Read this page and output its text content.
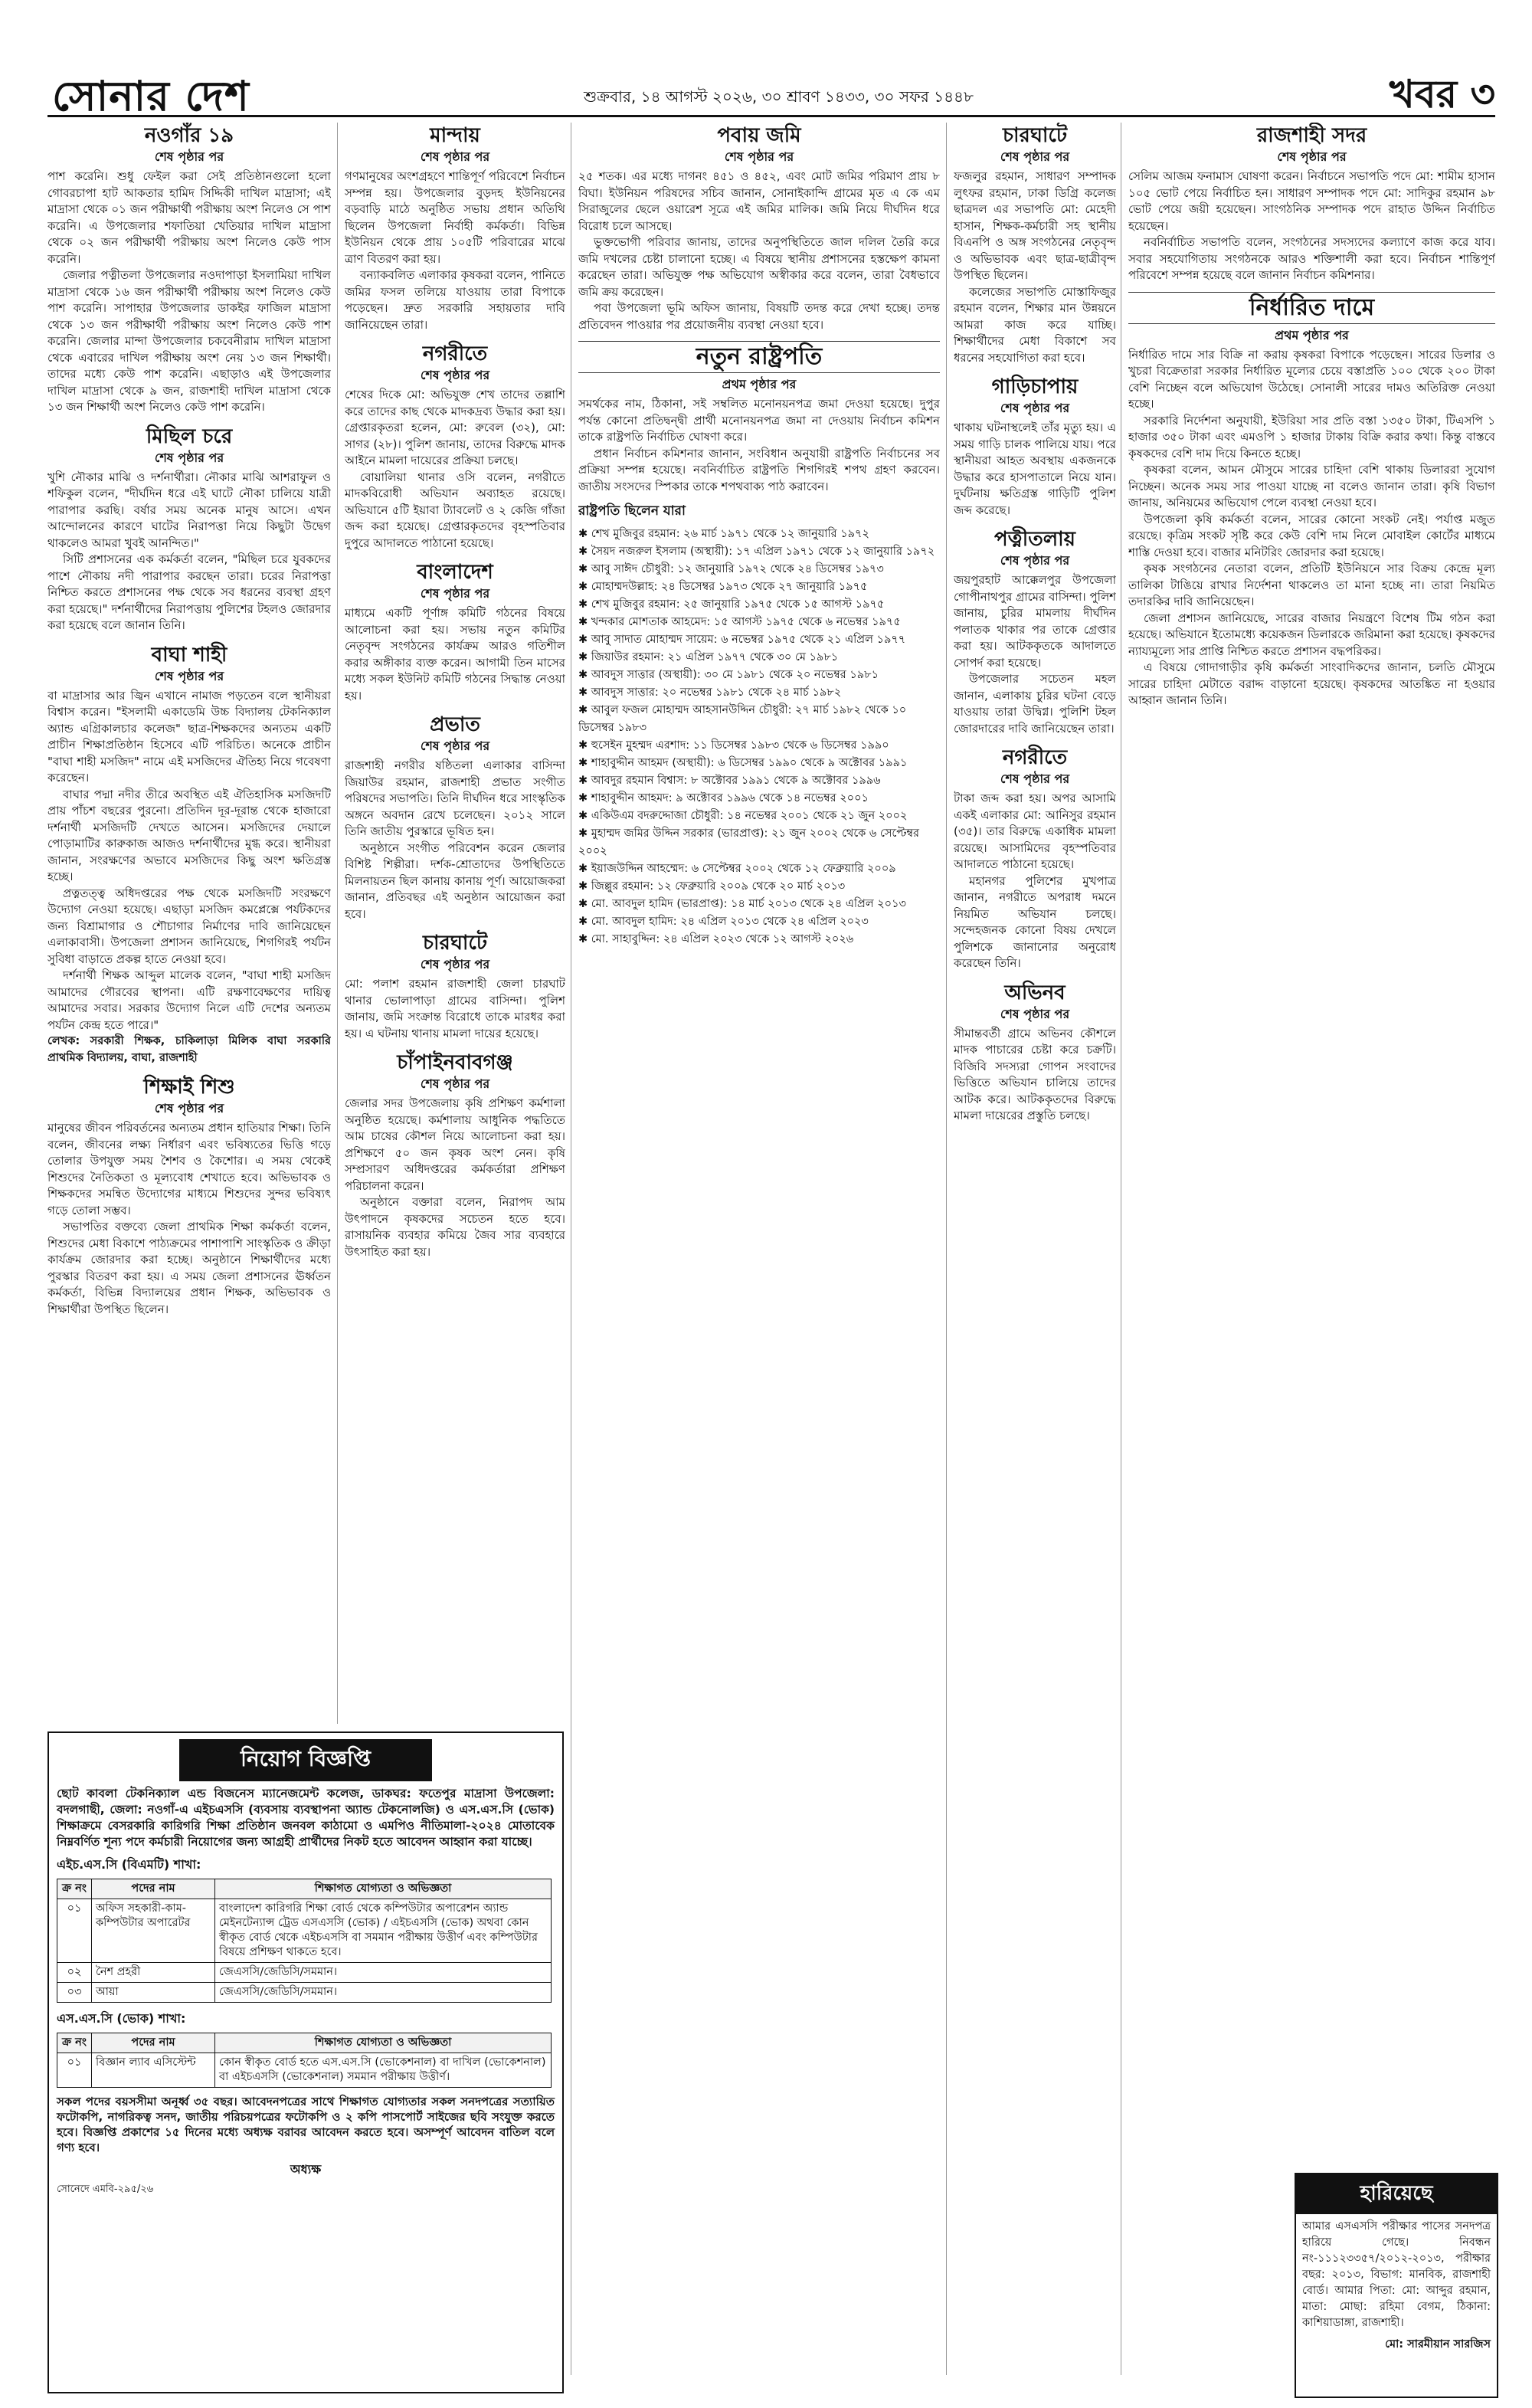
সোনার দেশ	শুক্রবার, ১৪ আগস্ট ২০২৬, ৩০ শ্রাবণ ১৪৩৩, ৩০ সফর ১৪৪৮	খবর ৩
নওগাঁর ১৯
শেষ পৃষ্ঠার পর

পাশ করেনি। শুধু ফেইল করা সেই প্রতিষ্ঠানগুলো হলো গোবরচাপা হাট আকতার হামিদ সিদ্দিকী দাখিল মাদ্রাসা; এই মাদ্রাসা থেকে ০১ জন পরীক্ষার্থী পরীক্ষায় অংশ নিলেও সে পাশ করেনি। এ উপজেলার শফাতিয়া খেতিয়ার দাখিল মাদ্রাসা থেকে ০২ জন পরীক্ষার্থী পরীক্ষায় অংশ নিলেও কেউ পাস করেনি।

জেলার পত্নীতলা উপজেলার নওদাপাড়া ইসলামিয়া দাখিল মাদ্রাসা থেকে ১৬ জন পরীক্ষার্থী পরীক্ষায় অংশ নিলেও কেউ পাশ করেনি। সাপাহার উপজেলার ডাকইর ফাজিল মাদ্রাসা থেকে ১৩ জন পরীক্ষার্থী পরীক্ষায় অংশ নিলেও কেউ পাশ করেনি। জেলার মান্দা উপজেলার চকবেনীরাম দাখিল মাদ্রাসা থেকে এবারের দাখিল পরীক্ষায় অংশ নেয় ১৩ জন শিক্ষার্থী। তাদের মধ্যে কেউ পাশ করেনি। এছাড়াও এই উপজেলার দাখিল মাদ্রাসা থেকে ৯ জন, রাজশাহী দাখিল মাদ্রাসা থেকে ১৩ জন শিক্ষার্থী অংশ নিলেও কেউ পাশ করেনি।

মিছিল চরে
শেষ পৃষ্ঠার পর

খুশি নৌকার মাঝি ও দর্শনার্থীরা। নৌকার মাঝি আশরাফুল ও শফিকুল বলেন, "দীর্ঘদিন ধরে এই ঘাটে নৌকা চালিয়ে যাত্রী পারাপার করছি। বর্ষার সময় অনেক মানুষ আসে। এখন আন্দোলনের কারণে ঘাটের নিরাপত্তা নিয়ে কিছুটা উদ্বেগ থাকলেও আমরা খুবই আনন্দিত।"

সিটি প্রশাসনের এক কর্মকর্তা বলেন, "মিছিল চরে যুবকদের পাশে নৌকায় নদী পারাপার করছেন তারা। চরের নিরাপত্তা নিশ্চিত করতে প্রশাসনের পক্ষ থেকে সব ধরনের ব্যবস্থা গ্রহণ করা হয়েছে।" দর্শনার্থীদের নিরাপত্তায় পুলিশের টহলও জোরদার করা হয়েছে বলে জানান তিনি।

বাঘা শাহী
শেষ পৃষ্ঠার পর

বা মাদ্রাসার আর জ্বিন এখানে নামাজ পড়তেন বলে স্থানীয়রা বিশ্বাস করেন। "ইসলামী একাডেমি উচ্চ বিদ্যালয় টেকনিক্যাল অ্যান্ড এগ্রিকালচার কলেজ" ছাত্র-শিক্ষকদের অন্যতম একটি প্রাচীন শিক্ষাপ্রতিষ্ঠান হিসেবে এটি পরিচিত। অনেকে প্রাচীন "বাঘা শাহী মসজিদ" নামে এই মসজিদের ঐতিহ্য নিয়ে গবেষণা করেছেন।

বাঘার পদ্মা নদীর তীরে অবস্থিত এই ঐতিহাসিক মসজিদটি প্রায় পাঁচশ বছরের পুরনো। প্রতিদিন দূর-দূরান্ত থেকে হাজারো দর্শনার্থী মসজিদটি দেখতে আসেন। মসজিদের দেয়ালে পোড়ামাটির কারুকাজ আজও দর্শনার্থীদের মুগ্ধ করে। স্থানীয়রা জানান, সংরক্ষণের অভাবে মসজিদের কিছু অংশ ক্ষতিগ্রস্ত হচ্ছে।

প্রত্নতত্ত্ব অধিদপ্তরের পক্ষ থেকে মসজিদটি সংরক্ষণে উদ্যোগ নেওয়া হয়েছে। এছাড়া মসজিদ কমপ্লেক্সে পর্যটকদের জন্য বিশ্রামাগার ও শৌচাগার নির্মাণের দাবি জানিয়েছেন এলাকাবাসী। উপজেলা প্রশাসন জানিয়েছে, শিগগিরই পর্যটন সুবিধা বাড়াতে প্রকল্প হাতে নেওয়া হবে।

দর্শনার্থী শিক্ষক আব্দুল মালেক বলেন, "বাঘা শাহী মসজিদ আমাদের গৌরবের স্থাপনা। এটি রক্ষণাবেক্ষণের দায়িত্ব আমাদের সবার। সরকার উদ্যোগ নিলে এটি দেশের অন্যতম পর্যটন কেন্দ্র হতে পারে।"

লেখক: সরকারী শিক্ষক, চাকিলাড়া মিলিক বাঘা সরকারি প্রাথমিক বিদ্যালয়, বাঘা, রাজশাহী

শিক্ষাই শিশু
শেষ পৃষ্ঠার পর

মানুষের জীবন পরিবর্তনের অন্যতম প্রধান হাতিয়ার শিক্ষা। তিনি বলেন, জীবনের লক্ষ্য নির্ধারণ এবং ভবিষ্যতের ভিত্তি গড়ে তোলার উপযুক্ত সময় শৈশব ও কৈশোর। এ সময় থেকেই শিশুদের নৈতিকতা ও মূল্যবোধ শেখাতে হবে। অভিভাবক ও শিক্ষকদের সমন্বিত উদ্যোগের মাধ্যমে শিশুদের সুন্দর ভবিষ্যৎ গড়ে তোলা সম্ভব।

সভাপতির বক্তব্যে জেলা প্রাথমিক শিক্ষা কর্মকর্তা বলেন, শিশুদের মেধা বিকাশে পাঠ্যক্রমের পাশাপাশি সাংস্কৃতিক ও ক্রীড়া কার্যক্রম জোরদার করা হচ্ছে। অনুষ্ঠানে শিক্ষার্থীদের মধ্যে পুরস্কার বিতরণ করা হয়। এ সময় জেলা প্রশাসনের ঊর্ধ্বতন কর্মকর্তা, বিভিন্ন বিদ্যালয়ের প্রধান শিক্ষক, অভিভাবক ও শিক্ষার্থীরা উপস্থিত ছিলেন।

মান্দায়
শেষ পৃষ্ঠার পর

গণমানুষের অংশগ্রহণে শান্তিপূর্ণ পরিবেশে নির্বাচন সম্পন্ন হয়। উপজেলার বুড়দহ ইউনিয়নের বড়বাড়ি মাঠে অনুষ্ঠিত সভায় প্রধান অতিথি ছিলেন উপজেলা নির্বাহী কর্মকর্তা। বিভিন্ন ইউনিয়ন থেকে প্রায় ১০৫টি পরিবারের মাঝে ত্রাণ বিতরণ করা হয়।

বন্যাকবলিত এলাকার কৃষকরা বলেন, পানিতে জমির ফসল তলিয়ে যাওয়ায় তারা বিপাকে পড়েছেন। দ্রুত সরকারি সহায়তার দাবি জানিয়েছেন তারা।

নগরীতে
শেষ পৃষ্ঠার পর

শেষের দিকে মো: অভিযুক্ত শেখ তাদের তল্লাশি করে তাদের কাছ থেকে মাদকদ্রব্য উদ্ধার করা হয়। গ্রেপ্তারকৃতরা হলেন, মো: রুবেল (৩২), মো: সাগর (২৮)। পুলিশ জানায়, তাদের বিরুদ্ধে মাদক আইনে মামলা দায়েরের প্রক্রিয়া চলছে।

বোয়ালিয়া থানার ওসি বলেন, নগরীতে মাদকবিরোধী অভিযান অব্যাহত রয়েছে। অভিযানে ৫টি ইয়াবা ট্যাবলেট ও ২ কেজি গাঁজা জব্দ করা হয়েছে। গ্রেপ্তারকৃতদের বৃহস্পতিবার দুপুরে আদালতে পাঠানো হয়েছে।

বাংলাদেশ
শেষ পৃষ্ঠার পর

মাধ্যমে একটি পূর্ণাঙ্গ কমিটি গঠনের বিষয়ে আলোচনা করা হয়। সভায় নতুন কমিটির নেতৃবৃন্দ সংগঠনের কার্যক্রম আরও গতিশীল করার অঙ্গীকার ব্যক্ত করেন। আগামী তিন মাসের মধ্যে সকল ইউনিট কমিটি গঠনের সিদ্ধান্ত নেওয়া হয়।

প্রভাত
শেষ পৃষ্ঠার পর

রাজশাহী নগরীর ষষ্ঠিতলা এলাকার বাসিন্দা জিয়াউর রহমান, রাজশাহী প্রভাত সংগীত পরিষদের সভাপতি। তিনি দীর্ঘদিন ধরে সাংস্কৃতিক অঙ্গনে অবদান রেখে চলেছেন। ২০১২ সালে তিনি জাতীয় পুরস্কারে ভূষিত হন।

অনুষ্ঠানে সংগীত পরিবেশন করেন জেলার বিশিষ্ট শিল্পীরা। দর্শক-শ্রোতাদের উপস্থিতিতে মিলনায়তন ছিল কানায় কানায় পূর্ণ। আয়োজকরা জানান, প্রতিবছর এই অনুষ্ঠান আয়োজন করা হবে।

চারঘাটে
শেষ পৃষ্ঠার পর

মো: পলাশ রহমান রাজশাহী জেলা চারঘাট থানার ভোলাপাড়া গ্রামের বাসিন্দা। পুলিশ জানায়, জমি সংক্রান্ত বিরোধে তাকে মারধর করা হয়। এ ঘটনায় থানায় মামলা দায়ের হয়েছে।

চাঁপাইনবাবগঞ্জ
শেষ পৃষ্ঠার পর

জেলার সদর উপজেলায় কৃষি প্রশিক্ষণ কর্মশালা অনুষ্ঠিত হয়েছে। কর্মশালায় আধুনিক পদ্ধতিতে আম চাষের কৌশল নিয়ে আলোচনা করা হয়। প্রশিক্ষণে ৫০ জন কৃষক অংশ নেন। কৃষি সম্প্রসারণ অধিদপ্তরের কর্মকর্তারা প্রশিক্ষণ পরিচালনা করেন।

অনুষ্ঠানে বক্তারা বলেন, নিরাপদ আম উৎপাদনে কৃষকদের সচেতন হতে হবে। রাসায়নিক ব্যবহার কমিয়ে জৈব সার ব্যবহারে উৎসাহিত করা হয়।

পবায় জমি
শেষ পৃষ্ঠার পর

২৫ শতক। এর মধ্যে দাগনং ৪৫১ ও ৪৫২, এবং মোট জমির পরিমাণ প্রায় ৮ বিঘা। ইউনিয়ন পরিষদের সচিব জানান, সোনাইকান্দি গ্রামের মৃত এ কে এম সিরাজুলের ছেলে ওয়ারেশ সূত্রে এই জমির মালিক। জমি নিয়ে দীর্ঘদিন ধরে বিরোধ চলে আসছে।

ভুক্তভোগী পরিবার জানায়, তাদের অনুপস্থিতিতে জাল দলিল তৈরি করে জমি দখলের চেষ্টা চালানো হচ্ছে। এ বিষয়ে স্থানীয় প্রশাসনের হস্তক্ষেপ কামনা করেছেন তারা। অভিযুক্ত পক্ষ অভিযোগ অস্বীকার করে বলেন, তারা বৈধভাবে জমি ক্রয় করেছেন।

পবা উপজেলা ভূমি অফিস জানায়, বিষয়টি তদন্ত করে দেখা হচ্ছে। তদন্ত প্রতিবেদন পাওয়ার পর প্রয়োজনীয় ব্যবস্থা নেওয়া হবে।

নতুন রাষ্ট্রপতি
প্রথম পৃষ্ঠার পর

সমর্থকের নাম, ঠিকানা, সই সম্বলিত মনোনয়নপত্র জমা দেওয়া হয়েছে। দুপুর পর্যন্ত কোনো প্রতিদ্বন্দ্বী প্রার্থী মনোনয়নপত্র জমা না দেওয়ায় নির্বাচন কমিশন তাকে রাষ্ট্রপতি নির্বাচিত ঘোষণা করে।

প্রধান নির্বাচন কমিশনার জানান, সংবিধান অনুযায়ী রাষ্ট্রপতি নির্বাচনের সব প্রক্রিয়া সম্পন্ন হয়েছে। নবনির্বাচিত রাষ্ট্রপতি শিগগিরই শপথ গ্রহণ করবেন। জাতীয় সংসদের স্পিকার তাকে শপথবাক্য পাঠ করাবেন।

রাষ্ট্রপতি ছিলেন যারা
✱ শেখ মুজিবুর রহমান: ২৬ মার্চ ১৯৭১ থেকে ১২ জানুয়ারি ১৯৭২
✱ সৈয়দ নজরুল ইসলাম (অস্থায়ী): ১৭ এপ্রিল ১৯৭১ থেকে ১২ জানুয়ারি ১৯৭২
✱ আবু সাঈদ চৌধুরী: ১২ জানুয়ারি ১৯৭২ থেকে ২৪ ডিসেম্বর ১৯৭৩
✱ মোহাম্মদউল্লাহ: ২৪ ডিসেম্বর ১৯৭৩ থেকে ২৭ জানুয়ারি ১৯৭৫
✱ শেখ মুজিবুর রহমান: ২৫ জানুয়ারি ১৯৭৫ থেকে ১৫ আগস্ট ১৯৭৫
✱ খন্দকার মোশতাক আহমেদ: ১৫ আগস্ট ১৯৭৫ থেকে ৬ নভেম্বর ১৯৭৫
✱ আবু সাদাত মোহাম্মদ সায়েম: ৬ নভেম্বর ১৯৭৫ থেকে ২১ এপ্রিল ১৯৭৭
✱ জিয়াউর রহমান: ২১ এপ্রিল ১৯৭৭ থেকে ৩০ মে ১৯৮১
✱ আবদুস সাত্তার (অস্থায়ী): ৩০ মে ১৯৮১ থেকে ২০ নভেম্বর ১৯৮১
✱ আবদুস সাত্তার: ২০ নভেম্বর ১৯৮১ থেকে ২৪ মার্চ ১৯৮২
✱ আবুল ফজল মোহাম্মদ আহসানউদ্দিন চৌধুরী: ২৭ মার্চ ১৯৮২ থেকে ১০ ডিসেম্বর ১৯৮৩
✱ হুসেইন মুহম্মদ এরশাদ: ১১ ডিসেম্বর ১৯৮৩ থেকে ৬ ডিসেম্বর ১৯৯০
✱ শাহাবুদ্দীন আহমদ (অস্থায়ী): ৬ ডিসেম্বর ১৯৯০ থেকে ৯ অক্টোবর ১৯৯১
✱ আবদুর রহমান বিশ্বাস: ৮ অক্টোবর ১৯৯১ থেকে ৯ অক্টোবর ১৯৯৬
✱ শাহাবুদ্দীন আহমদ: ৯ অক্টোবর ১৯৯৬ থেকে ১৪ নভেম্বর ২০০১
✱ একিউএম বদরুদ্দোজা চৌধুরী: ১৪ নভেম্বর ২০০১ থেকে ২১ জুন ২০০২
✱ মুহাম্মদ জমির উদ্দিন সরকার (ভারপ্রাপ্ত): ২১ জুন ২০০২ থেকে ৬ সেপ্টেম্বর ২০০২
✱ ইয়াজউদ্দিন আহম্মেদ: ৬ সেপ্টেম্বর ২০০২ থেকে ১২ ফেব্রুয়ারি ২০০৯
✱ জিল্লুর রহমান: ১২ ফেব্রুয়ারি ২০০৯ থেকে ২০ মার্চ ২০১৩
✱ মো. আবদুল হামিদ (ভারপ্রাপ্ত): ১৪ মার্চ ২০১৩ থেকে ২৪ এপ্রিল ২০১৩
✱ মো. আবদুল হামিদ: ২৪ এপ্রিল ২০১৩ থেকে ২৪ এপ্রিল ২০২৩
✱ মো. সাহাবুদ্দিন: ২৪ এপ্রিল ২০২৩ থেকে ১২ আগস্ট ২০২৬
চারঘাটে
শেষ পৃষ্ঠার পর

ফজলুর রহমান, সাধারণ সম্পাদক লুৎফর রহমান, ঢাকা ডিগ্রি কলেজ ছাত্রদল এর সভাপতি মো: মেহেদী হাসান, শিক্ষক-কর্মচারী সহ স্থানীয় বিএনপি ও অঙ্গ সংগঠনের নেতৃবৃন্দ ও অভিভাবক এবং ছাত্র-ছাত্রীবৃন্দ উপস্থিত ছিলেন।

কলেজের সভাপতি মোস্তাফিজুর রহমান বলেন, শিক্ষার মান উন্নয়নে আমরা কাজ করে যাচ্ছি। শিক্ষার্থীদের মেধা বিকাশে সব ধরনের সহযোগিতা করা হবে।

গাড়িচাপায়
শেষ পৃষ্ঠার পর

থাকায় ঘটনাস্থলেই তাঁর মৃত্যু হয়। এ সময় গাড়ি চালক পালিয়ে যায়। পরে স্থানীয়রা আহত অবস্থায় একজনকে উদ্ধার করে হাসপাতালে নিয়ে যান। দুর্ঘটনায় ক্ষতিগ্রস্ত গাড়িটি পুলিশ জব্দ করেছে।

পত্নীতলায়
শেষ পৃষ্ঠার পর

জয়পুরহাট আক্কেলপুর উপজেলা গোপীনাথপুর গ্রামের বাসিন্দা। পুলিশ জানায়, চুরির মামলায় দীর্ঘদিন পলাতক থাকার পর তাকে গ্রেপ্তার করা হয়। আটককৃতকে আদালতে সোপর্দ করা হয়েছে।

উপজেলার সচেতন মহল জানান, এলাকায় চুরির ঘটনা বেড়ে যাওয়ায় তারা উদ্বিগ্ন। পুলিশি টহল জোরদারের দাবি জানিয়েছেন তারা।

নগরীতে
শেষ পৃষ্ঠার পর

টাকা জব্দ করা হয়। অপর আসামি একই এলাকার মো: আনিসুর রহমান (৩৫)। তার বিরুদ্ধে একাধিক মামলা রয়েছে। আসামিদের বৃহস্পতিবার আদালতে পাঠানো হয়েছে।

মহানগর পুলিশের মুখপাত্র জানান, নগরীতে অপরাধ দমনে নিয়মিত অভিযান চলছে। সন্দেহজনক কোনো বিষয় দেখলে পুলিশকে জানানোর অনুরোধ করেছেন তিনি।

অভিনব
শেষ পৃষ্ঠার পর

সীমান্তবর্তী গ্রামে অভিনব কৌশলে মাদক পাচারের চেষ্টা করে চক্রটি। বিজিবি সদস্যরা গোপন সংবাদের ভিত্তিতে অভিযান চালিয়ে তাদের আটক করে। আটককৃতদের বিরুদ্ধে মামলা দায়েরের প্রস্তুতি চলছে।

রাজশাহী সদর
শেষ পৃষ্ঠার পর

সেলিম আজম ফনামাস ঘোষণা করেন। নির্বাচনে সভাপতি পদে মো: শামীম হাসান ১০৫ ভোট পেয়ে নির্বাচিত হন। সাধারণ সম্পাদক পদে মো: সাদিকুর রহমান ৯৮ ভোট পেয়ে জয়ী হয়েছেন। সাংগঠনিক সম্পাদক পদে রাহাত উদ্দিন নির্বাচিত হয়েছেন।

নবনির্বাচিত সভাপতি বলেন, সংগঠনের সদস্যদের কল্যাণে কাজ করে যাব। সবার সহযোগিতায় সংগঠনকে আরও শক্তিশালী করা হবে। নির্বাচন শান্তিপূর্ণ পরিবেশে সম্পন্ন হয়েছে বলে জানান নির্বাচন কমিশনার।

নির্ধারিত দামে
প্রথম পৃষ্ঠার পর

নির্ধারিত দামে সার বিক্রি না করায় কৃষকরা বিপাকে পড়েছেন। সারের ডিলার ও খুচরা বিক্রেতারা সরকার নির্ধারিত মূল্যের চেয়ে বস্তাপ্রতি ১০০ থেকে ২০০ টাকা বেশি নিচ্ছেন বলে অভিযোগ উঠেছে। সোনালী সারের দামও অতিরিক্ত নেওয়া হচ্ছে।

সরকারি নির্দেশনা অনুযায়ী, ইউরিয়া সার প্রতি বস্তা ১৩৫০ টাকা, টিএসপি ১ হাজার ৩৫০ টাকা এবং এমওপি ১ হাজার টাকায় বিক্রি করার কথা। কিন্তু বাস্তবে কৃষকদের বেশি দাম দিয়ে কিনতে হচ্ছে।

কৃষকরা বলেন, আমন মৌসুমে সারের চাহিদা বেশি থাকায় ডিলাররা সুযোগ নিচ্ছেন। অনেক সময় সার পাওয়া যাচ্ছে না বলেও জানান তারা। কৃষি বিভাগ জানায়, অনিয়মের অভিযোগ পেলে ব্যবস্থা নেওয়া হবে।

উপজেলা কৃষি কর্মকর্তা বলেন, সারের কোনো সংকট নেই। পর্যাপ্ত মজুত রয়েছে। কৃত্রিম সংকট সৃষ্টি করে কেউ বেশি দাম নিলে মোবাইল কোর্টের মাধ্যমে শাস্তি দেওয়া হবে। বাজার মনিটরিং জোরদার করা হয়েছে।

কৃষক সংগঠনের নেতারা বলেন, প্রতিটি ইউনিয়নে সার বিক্রয় কেন্দ্রে মূল্য তালিকা টাঙিয়ে রাখার নির্দেশনা থাকলেও তা মানা হচ্ছে না। তারা নিয়মিত তদারকির দাবি জানিয়েছেন।

জেলা প্রশাসন জানিয়েছে, সারের বাজার নিয়ন্ত্রণে বিশেষ টিম গঠন করা হয়েছে। অভিযানে ইতোমধ্যে কয়েকজন ডিলারকে জরিমানা করা হয়েছে। কৃষকদের ন্যায্যমূল্যে সার প্রাপ্তি নিশ্চিত করতে প্রশাসন বদ্ধপরিকর।

এ বিষয়ে গোদাগাড়ীর কৃষি কর্মকর্তা সাংবাদিকদের জানান, চলতি মৌসুমে সারের চাহিদা মেটাতে বরাদ্দ বাড়ানো হয়েছে। কৃষকদের আতঙ্কিত না হওয়ার আহ্বান জানান তিনি।

নিয়োগ বিজ্ঞপ্তি
ছোট কাবলা টেকনিক্যাল এন্ড বিজনেস ম্যানেজমেন্ট কলেজ, ডাকঘর: ফতেপুর মাদ্রাসা উপজেলা: বদলগাছী, জেলা: নওগাঁ-এ এইচএসসি (ব্যবসায় ব্যবস্থাপনা অ্যান্ড টেকনোলজি) ও এস.এস.সি (ভোক) শিক্ষাক্রমে বেসরকারি কারিগরি শিক্ষা প্রতিষ্ঠান জনবল কাঠামো ও এমপিও নীতিমালা-২০২৪ মোতাবেক নিম্নবর্ণিত শূন্য পদে কর্মচারী নিয়োগের জন্য আগ্রহী প্রার্থীদের নিকট হতে আবেদন আহ্বান করা যাচ্ছে।
এইচ.এস.সি (বিএমটি) শাখা:
ক্র নং	পদের নাম	শিক্ষাগত যোগ্যতা ও অভিজ্ঞতা
০১	অফিস সহকারী-কাম-কম্পিউটার অপারেটর	বাংলাদেশ কারিগরি শিক্ষা বোর্ড থেকে কম্পিউটার অপারেশন অ্যান্ড মেইনটেন্যান্স ট্রেড এসএসসি (ভোক) / এইচএসসি (ভোক) অথবা কোন স্বীকৃত বোর্ড থেকে এইচএসসি বা সমমান পরীক্ষায় উত্তীর্ণ এবং কম্পিউটার বিষয়ে প্রশিক্ষণ থাকতে হবে।
০২	নৈশ প্রহরী	জেএসসি/জেডিসি/সমমান।
০৩	আয়া	জেএসসি/জেডিসি/সমমান।
এস.এস.সি (ভোক) শাখা:
ক্র নং	পদের নাম	শিক্ষাগত যোগ্যতা ও অভিজ্ঞতা
০১	বিজ্ঞান ল্যাব এসিস্টেন্ট	কোন স্বীকৃত বোর্ড হতে এস.এস.সি (ভোকেশনাল) বা দাখিল (ভোকেশনাল) বা এইচএসসি (ভোকেশনাল) সমমান পরীক্ষায় উত্তীর্ণ।
সকল পদের বয়সসীমা অনূর্ধ্ব ৩৫ বছর। আবেদনপত্রের সাথে শিক্ষাগত যোগ্যতার সকল সনদপত্রের সত্যায়িত ফটোকপি, নাগরিকত্ব সনদ, জাতীয় পরিচয়পত্রের ফটোকপি ও ২ কপি পাসপোর্ট সাইজের ছবি সংযুক্ত করতে হবে। বিজ্ঞপ্তি প্রকাশের ১৫ দিনের মধ্যে অধ্যক্ষ বরাবর আবেদন করতে হবে। অসম্পূর্ণ আবেদন বাতিল বলে গণ্য হবে।
অধ্যক্ষ
সোনেদে এমবি-২৯৫/২৬	হারিয়েছে
আমার এসএসসি পরীক্ষার পাসের সনদপত্র হারিয়ে গেছে। নিবন্ধন নং-১১১২৩৩৫৭/২০১২-২০১৩, পরীক্ষার বছর: ২০১৩, বিভাগ: মানবিক, রাজশাহী বোর্ড। আমার পিতা: মো: আব্দুর রহমান, মাতা: মোছা: রহিমা বেগম, ঠিকানা: কাশিয়াডাঙ্গা, রাজশাহী।
মো: সারমীয়ান সারজিস
